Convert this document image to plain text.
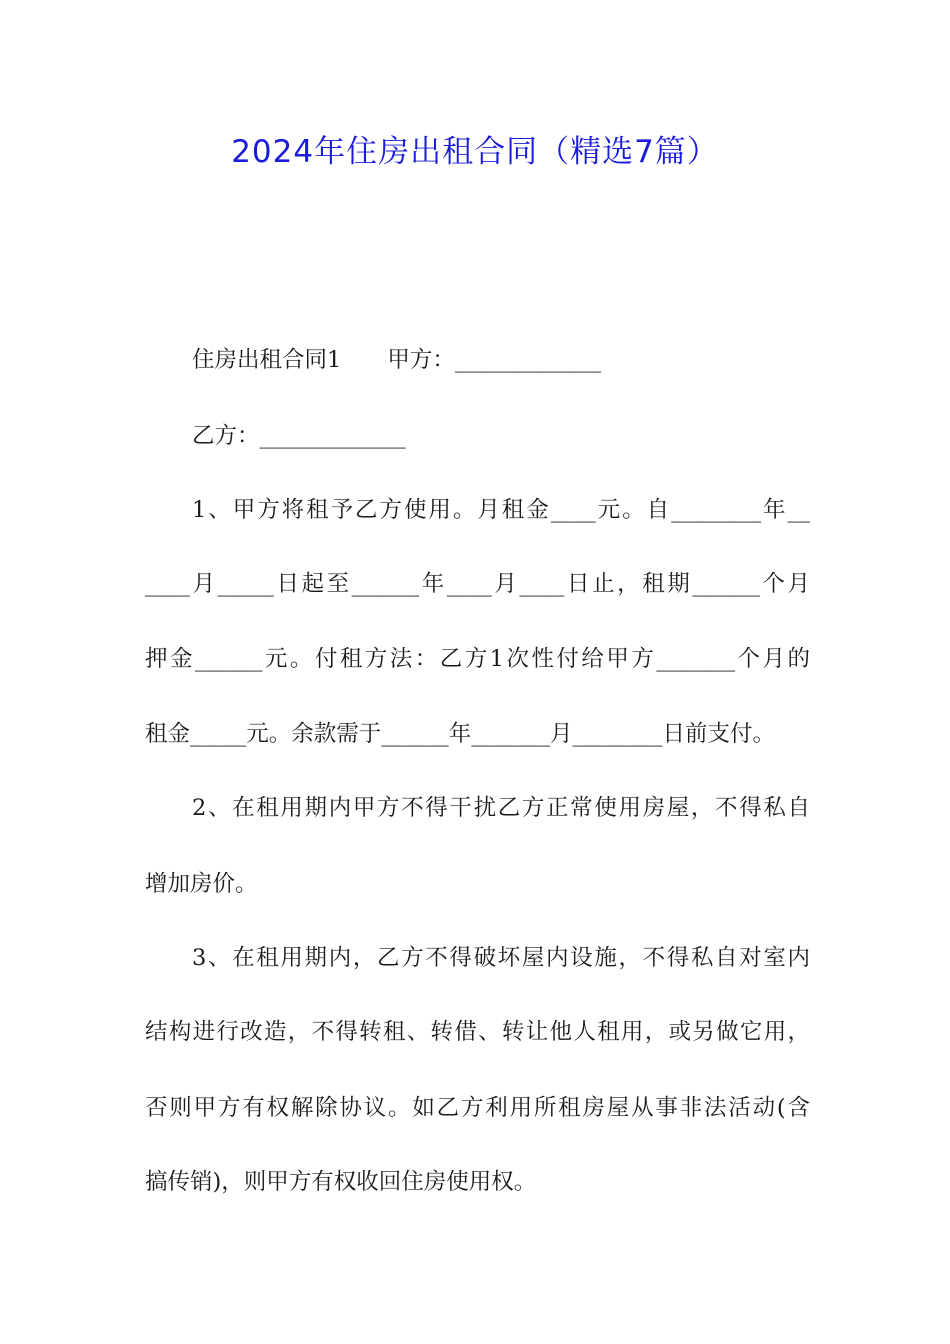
2024年住房出租合同（精选7篇）
住房出租合同1 甲方：_____________
乙方：_____________
1、甲方将租予乙方使用。月租金____元。自________年__
____月_____日起至______年____月____日止，租期______个月
押金______元。付租方法：乙方1次性付给甲方_______个月的
租金_____元。余款需于______年_______月________日前支付。
2、在租用期内甲方不得干扰乙方正常使用房屋，不得私自
增加房价。
3、在租用期内，乙方不得破坏屋内设施，不得私自对室内
结构进行改造，不得转租、转借、转让他人租用，或另做它用，
否则甲方有权解除协议。如乙方利用所租房屋从事非法活动(含
搞传销)，则甲方有权收回住房使用权。
